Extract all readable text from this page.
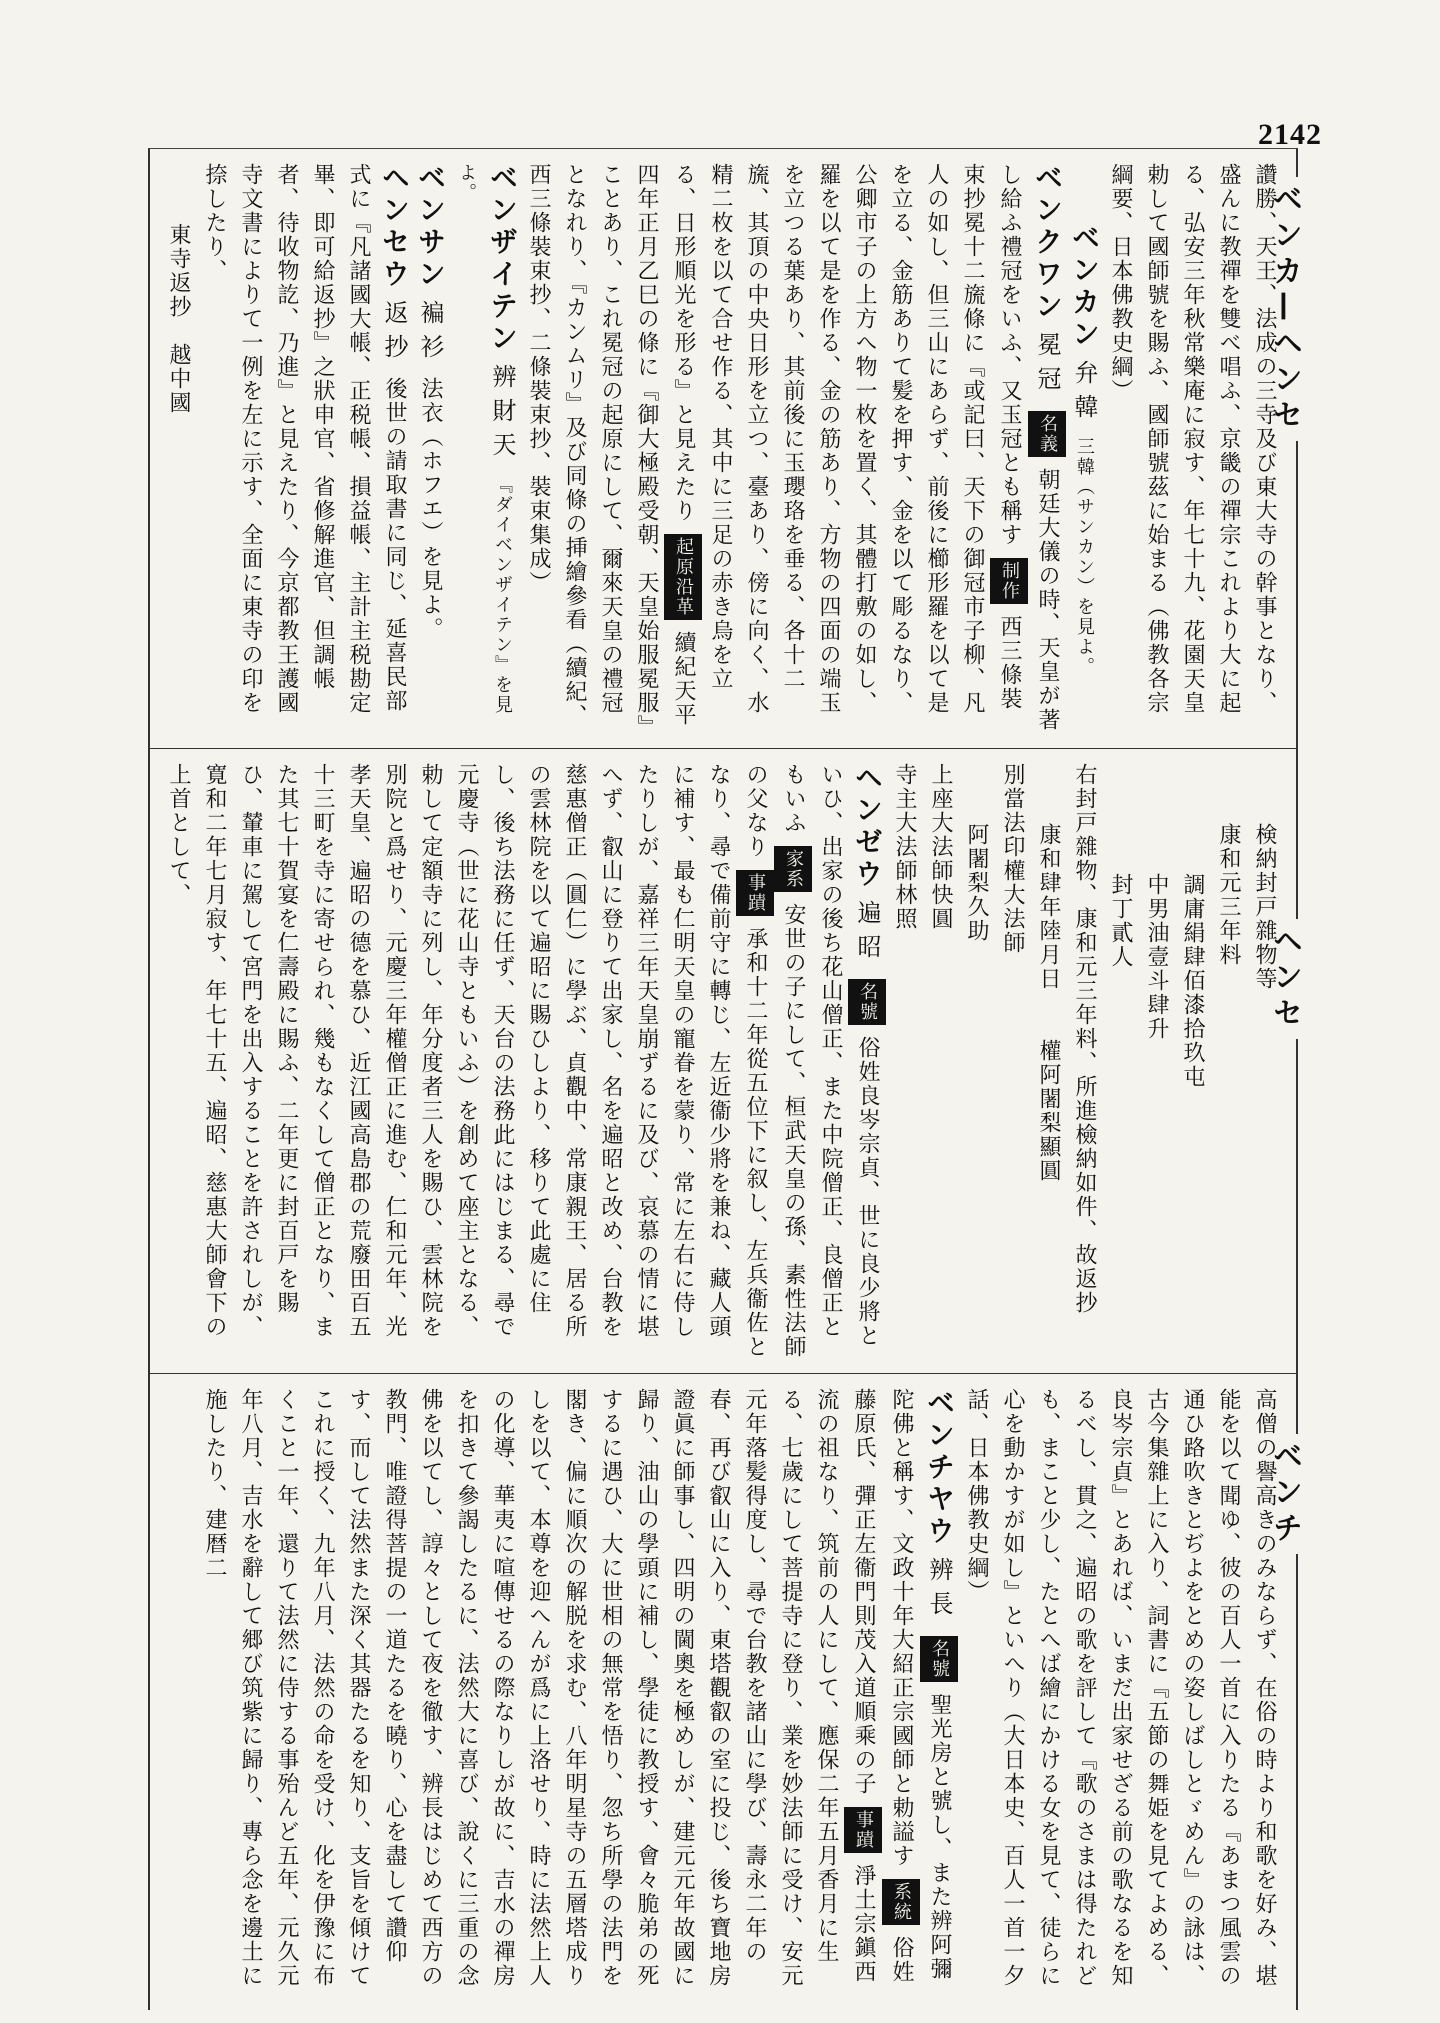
2142
ベンカ—ヘンセ

讚勝、天王、法成の三寺及び東大寺の幹事となり、盛んに教禪を雙べ唱ふ、京畿の禪宗これより大に起る、弘安三年秋常樂庵に寂す、年七十九、花園天皇勅して國師號を賜ふ、國師號茲に始まる（佛教各宗綱要、日本佛教史綱）

ベンカン 弁韓 三韓（サンカン）を見よ。

ベンクワン 冕冠 名義 朝廷大儀の時、天皇が著し給ふ禮冠をいふ、又玉冠とも稱す 制作 西三條裝束抄冕十二旒條に『或記曰、天下の御冠市子柳、凡人の如し、但三山にあらず、前後に櫛形羅を以て是を立る、金筋ありて髪を押す、金を以て彫るなり、公卿市子の上方へ物一枚を置く、其體打敷の如し、羅を以て是を作る、金の筋あり、方物の四面の端玉を立つる葉あり、其前後に玉瓔珞を垂る、各十二旒、其頂の中央日形を立つ、臺あり、傍に向く、水精二枚を以て合せ作る、其中に三足の赤き烏を立る、日形順光を形る』と見えたり 起原沿革 續紀天平四年正月乙巳の條に『御大極殿受朝、天皇始服冕服』ことあり、これ冕冠の起原にして、爾來天皇の禮冠となれり、『カンムリ』及び同條の挿繪參看（續紀、西三條裝束抄、二條裝束抄、裝束集成）

ベンザイテン 辨財天 『ダイベンザイテン』を見よ。

ベンサン 褊衫 法衣（ホフエ）を見よ。

ヘンセウ 返抄 後世の請取書に同じ、延喜民部式に『凡諸國大帳、正税帳、損益帳、主計主税勘定畢、即可給返抄』之狀申官、省修解進官、但調帳者、待收物訖、乃進』と見えたり、今京都教王護國寺文書によりて一例を左に示す、全面に東寺の印を捺したり、

東寺返抄　越中國

ヘンセ

検納封戸雜物等

康和元三年料

調庸絹肆佰漆拾玖屯

中男油壹斗肆升

封丁貳人

右封戸雜物、康和元三年料、所進檢納如件、故返抄

康和肆年陸月日　　權阿闍梨顯圓

別當法印權大法師

阿闍梨久助

上座大法師快圓

寺主大法師林照

ヘンゼウ 遍昭 名號 俗姓良岑宗貞、世に良少將といひ、出家の後ち花山僧正、また中院僧正、良僧正ともいふ 家系 安世の子にして、桓武天皇の孫、素性法師の父なり 事蹟 承和十二年從五位下に叙し、左兵衞佐となり、尋で備前守に轉じ、左近衞少將を兼ね、藏人頭に補す、最も仁明天皇の寵眷を蒙り、常に左右に侍したりしが、嘉祥三年天皇崩ずるに及び、哀慕の情に堪へず、叡山に登りて出家し、名を遍昭と改め、台教を慈惠僧正（圓仁）に學ぶ、貞觀中、常康親王、居る所の雲林院を以て遍昭に賜ひしより、移りて此處に住し、後ち法務に任ず、天台の法務此にはじまる、尋で元慶寺（世に花山寺ともいふ）を創めて座主となる、勅して定額寺に列し、年分度者三人を賜ひ、雲林院を別院と爲せり、元慶三年權僧正に進む、仁和元年、光孝天皇、遍昭の德を慕ひ、近江國高島郡の荒廢田百五十三町を寺に寄せられ、幾もなくして僧正となり、また其七十賀宴を仁壽殿に賜ふ、二年更に封百戸を賜ひ、輦車に駕して宮門を出入することを許されしが、寛和二年七月寂す、年七十五、遍昭、慈惠大師會下の上首として、

ベンチ

高僧の譽高きのみならず、在俗の時より和歌を好み、堪能を以て聞ゆ、彼の百人一首に入りたる『あまつ風雲の通ひ路吹きとぢよをとめの姿しばしとゞめん』の詠は、古今集雜上に入り、詞書に『五節の舞姫を見てよめる、良岑宗貞』とあれば、いまだ出家せざる前の歌なるを知るべし、貫之、遍昭の歌を評して『歌のさまは得たれども、まこと少し、たとへば繪にかける女を見て、徒らに心を動かすが如し』といへり（大日本史、百人一首一夕話、日本佛教史綱）

ベンチヤウ 辨長 名號 聖光房と號し、また辨阿彌陀佛と稱す、文政十年大紹正宗國師と勅謚す 系統 俗姓藤原氏、彈正左衞門則茂入道順乘の子 事蹟 淨土宗鎭西流の祖なり、筑前の人にして、應保二年五月香月に生る、七歲にして菩提寺に登り、業を妙法師に受け、安元元年落髪得度し、尋で台教を諸山に學び、壽永二年の春、再び叡山に入り、東塔觀叡の室に投じ、後ち寶地房證眞に師事し、四明の閫奧を極めしが、建元元年故國に歸り、油山の學頭に補し、學徒に教授す、會々脆弟の死するに遇ひ、大に世相の無常を悟り、忽ち所學の法門を閣き、偏に順次の解脱を求む、八年明星寺の五層塔成りしを以て、本尊を迎へんが爲に上洛せり、時に法然上人の化導、華夷に喧傳せるの際なりしが故に、吉水の禪房を扣きて參謁したるに、法然大に喜び、說くに三重の念佛を以てし、諄々として夜を徹す、辨長はじめて西方の教門、唯證得菩提の一道たるを曉り、心を盡して讚仰す、而して法然また深く其器たるを知り、支旨を傾けてこれに授く、九年八月、法然の命を受け、化を伊豫に布くこと一年、還りて法然に侍する事殆んど五年、元久元年八月、吉水を辭して郷び筑紫に歸り、專ら念を邊土に施したり、建暦二
